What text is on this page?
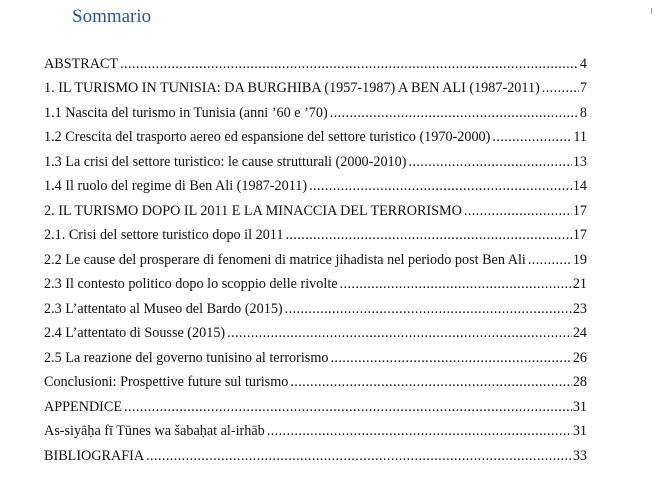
Sommario
ABSTRACT .....	4
1. IL TURISMO IN TUNISIA: DA BURGHIBA (1957-1987) A BEN ALI (1987-2011) .....	7
1.1 Nascita del turismo in Tunisia (anni ’60 e ’70) .....	8
1.2 Crescita del trasporto aereo ed espansione del settore turistico (1970-2000) .....	11
1.3 La crisi del settore turistico: le cause strutturali (2000-2010) .....	13
1.4 Il ruolo del regime di Ben Ali (1987-2011) .....	14
2. IL TURISMO DOPO IL 2011 E LA MINACCIA DEL TERRORISMO .....	17
2.1. Crisi del settore turistico dopo il 2011 .....	17
2.2 Le cause del prosperare di fenomeni di matrice jihadista nel periodo post Ben Ali .....	19
2.3 Il contesto politico dopo lo scoppio delle rivolte .....	21
2.3 L’attentato al Museo del Bardo (2015) .....	23
2.4 L’attentato di Sousse (2015) .....	24
2.5 La reazione del governo tunisino al terrorismo .....	26
Conclusioni: Prospettive future sul turismo .....	28
APPENDICE .....	31
As-siyāḥa fī Tūnes wa šabaḥat al-irhāb .....	31
BIBLIOGRAFIA .....	33
